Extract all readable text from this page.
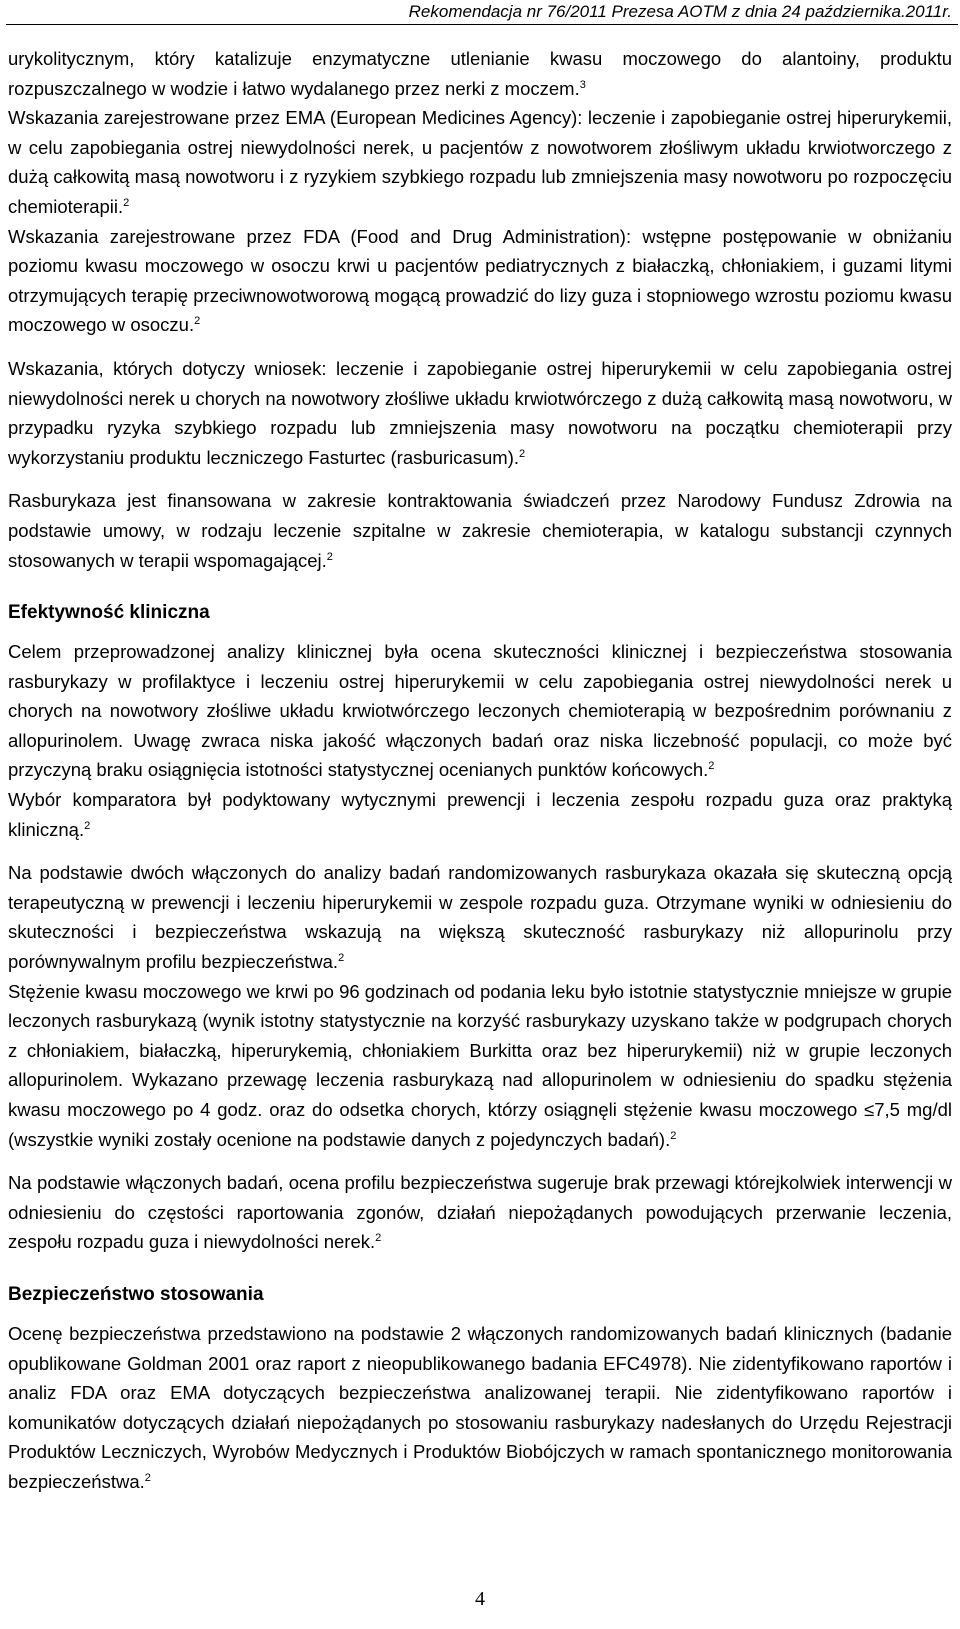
Rekomendacja nr 76/2011 Prezesa AOTM z dnia 24 października.2011r.

urykolitycznym, który katalizuje enzymatyczne utlenianie kwasu moczowego do alantoiny, produktu rozpuszczalnego w wodzie i łatwo wydalanego przez nerki z moczem.$^3$

Wskazania zarejestrowane przez EMA (European Medicines Agency): leczenie i zapobieganie ostrej hiperurykemii, w celu zapobiegania ostrej niewydolności nerek, u pacjentów z nowotworem złośliwym układu krwiotworczego z dużą całkowitą masą nowotworu i z ryzykiem szybkiego rozpadu lub zmniejszenia masy nowotworu po rozpoczęciu chemioterapii.$^2$

Wskazania zarejestrowane przez FDA (Food and Drug Administration): wstępne postępowanie w obniżaniu poziomu kwasu moczowego w osoczu krwi u pacjentów pediatrycznych z białaczką, chłoniakiem, i guzami litymi otrzymujących terapię przeciwnowotworową mogącą prowadzić do lizy guza i stopniowego wzrostu poziomu kwasu moczowego w osoczu.$^2$

Wskazania, których dotyczy wniosek: leczenie i zapobieganie ostrej hiperurykemii w celu zapobiegania ostrej niewydolności nerek u chorych na nowotwory złośliwe układu krwiotwórczego z dużą całkowitą masą nowotworu, w przypadku ryzyka szybkiego rozpadu lub zmniejszenia masy nowotworu na początku chemioterapii przy wykorzystaniu produktu leczniczego Fasturtec (rasburicasum).$^2$

Rasburykaza jest finansowana w zakresie kontraktowania świadczeń przez Narodowy Fundusz Zdrowia na podstawie umowy, w rodzaju leczenie szpitalne w zakresie chemioterapia, w katalogu substancji czynnych stosowanych w terapii wspomagającej.$^2$

Efektywność kliniczna

Celem przeprowadzonej analizy klinicznej była ocena skuteczności klinicznej i bezpieczeństwa stosowania rasburykazy w profilaktyce i leczeniu ostrej hiperurykemii w celu zapobiegania ostrej niewydolności nerek u chorych na nowotwory złośliwe układu krwiotwórczego leczonych chemioterapią w bezpośrednim porównaniu z allopurinolem. Uwagę zwraca niska jakość włączonych badań oraz niska liczebność populacji, co może być przyczyną braku osiągnięcia istotności statystycznej ocenianych punktów końcowych.$^2$

Wybór komparatora był podyktowany wytycznymi prewencji i leczenia zespołu rozpadu guza oraz praktyką kliniczną.$^2$

Na podstawie dwóch włączonych do analizy badań randomizowanych rasburykaza okazała się skuteczną opcją terapeutyczną w prewencji i leczeniu hiperurykemii w zespole rozpadu guza. Otrzymane wyniki w odniesieniu do skuteczności i bezpieczeństwa wskazują na większą skuteczność rasburykazy niż allopurinolu przy porównywalnym profilu bezpieczeństwa.$^2$

Stężenie kwasu moczowego we krwi po 96 godzinach od podania leku było istotnie statystycznie mniejsze w grupie leczonych rasburykazą (wynik istotny statystycznie na korzyść rasburykazy uzyskano także w podgrupach chorych z chłoniakiem, białaczką, hiperurykemią, chłoniakiem Burkitta oraz bez hiperurykemii) niż w grupie leczonych allopurinolem. Wykazano przewagę leczenia rasburykazą nad allopurinolem w odniesieniu do spadku stężenia kwasu moczowego po 4 godz. oraz do odsetka chorych, którzy osiągnęli stężenie kwasu moczowego ≤7,5 mg/dl (wszystkie wyniki zostały ocenione na podstawie danych z pojedynczych badań).$^2$

Na podstawie włączonych badań, ocena profilu bezpieczeństwa sugeruje brak przewagi którejkolwiek interwencji w odniesieniu do częstości raportowania zgonów, działań niepożądanych powodujących przerwanie leczenia, zespołu rozpadu guza i niewydolności nerek.$^2$

Bezpieczeństwo stosowania

Ocenę bezpieczeństwa przedstawiono na podstawie 2 włączonych randomizowanych badań klinicznych (badanie opublikowane Goldman 2001 oraz raport z nieopublikowanego badania EFC4978). Nie zidentyfikowano raportów i analiz FDA oraz EMA dotyczących bezpieczeństwa analizowanej terapii. Nie zidentyfikowano raportów i komunikatów dotyczących działań niepożądanych po stosowaniu rasburykazy nadesłanych do Urzędu Rejestracji Produktów Leczniczych, Wyrobów Medycznych i Produktów Biobójczych w ramach spontanicznego monitorowania bezpieczeństwa.$^2$

4
